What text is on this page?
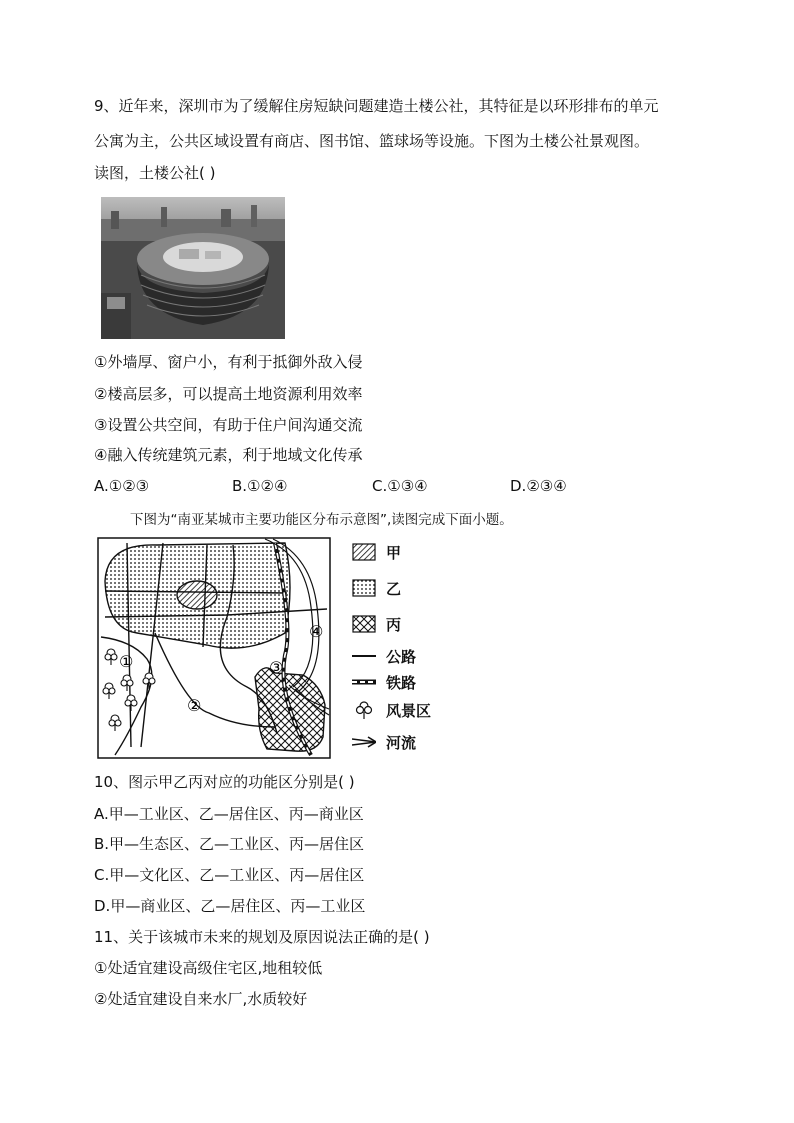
9、近年来，深圳市为了缓解住房短缺问题建造土楼公社，其特征是以环形排布的单元
公寓为主，公共区域设置有商店、图书馆、篮球场等设施。下图为土楼公社景观图。
读图，土楼公社( )
①外墙厚、窗户小，有利于抵御外敌入侵
②楼高层多，可以提高土地资源利用效率
③设置公共空间，有助于住户间沟通交流
④融入传统建筑元素，利于地域文化传承
A.①②③	B.①②④	C.①③④	D.②③④
下图为“南亚某城市主要功能区分布示意图”,读图完成下面小题。
①
②
③
④
甲
乙
丙
公路
铁路
风景区
河流
10、图示甲乙丙对应的功能区分别是( )
A.甲—工业区、乙—居住区、丙—商业区
B.甲—生态区、乙—工业区、丙—居住区
C.甲—文化区、乙—工业区、丙—居住区
D.甲—商业区、乙—居住区、丙—工业区
11、关于该城市未来的规划及原因说法正确的是( )
①处适宜建设高级住宅区,地租较低
②处适宜建设自来水厂,水质较好
